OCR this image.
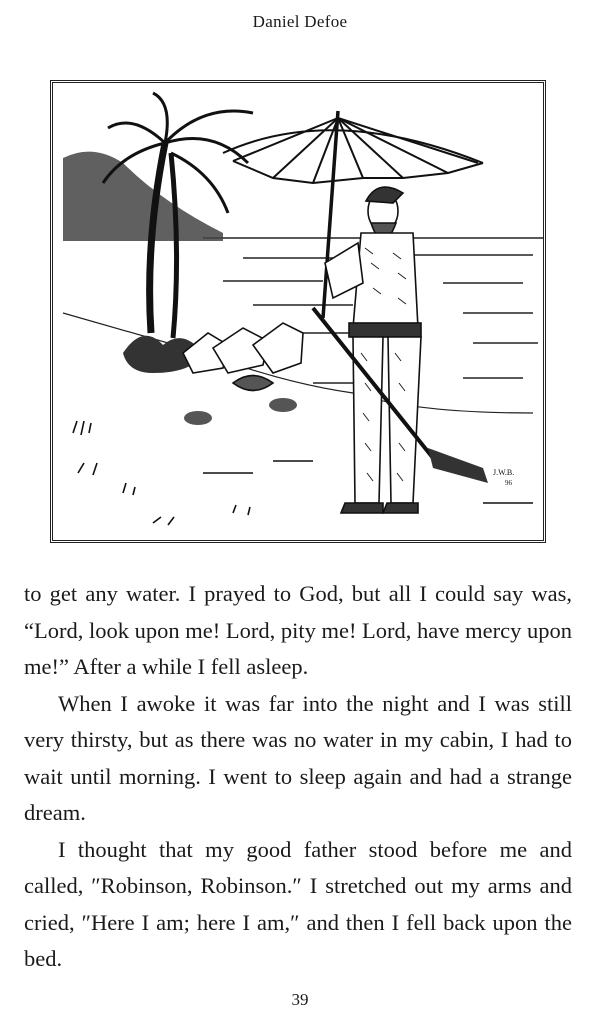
Daniel Defoe
J.W.B.
96

to get any water. I prayed to God, but all I could say was, “Lord, look upon me! Lord, pity me! Lord, have mercy upon me!” After a while I fell asleep.

When I awoke it was far into the night and I was still very thirsty, but as there was no water in my cabin, I had to wait until morning. I went to sleep again and had a strange dream.

I thought that my good father stood before me and called, ″Robinson, Robinson.″ I stretched out my arms and cried, ″Here I am; here I am,″ and then I fell back upon the bed.

39
